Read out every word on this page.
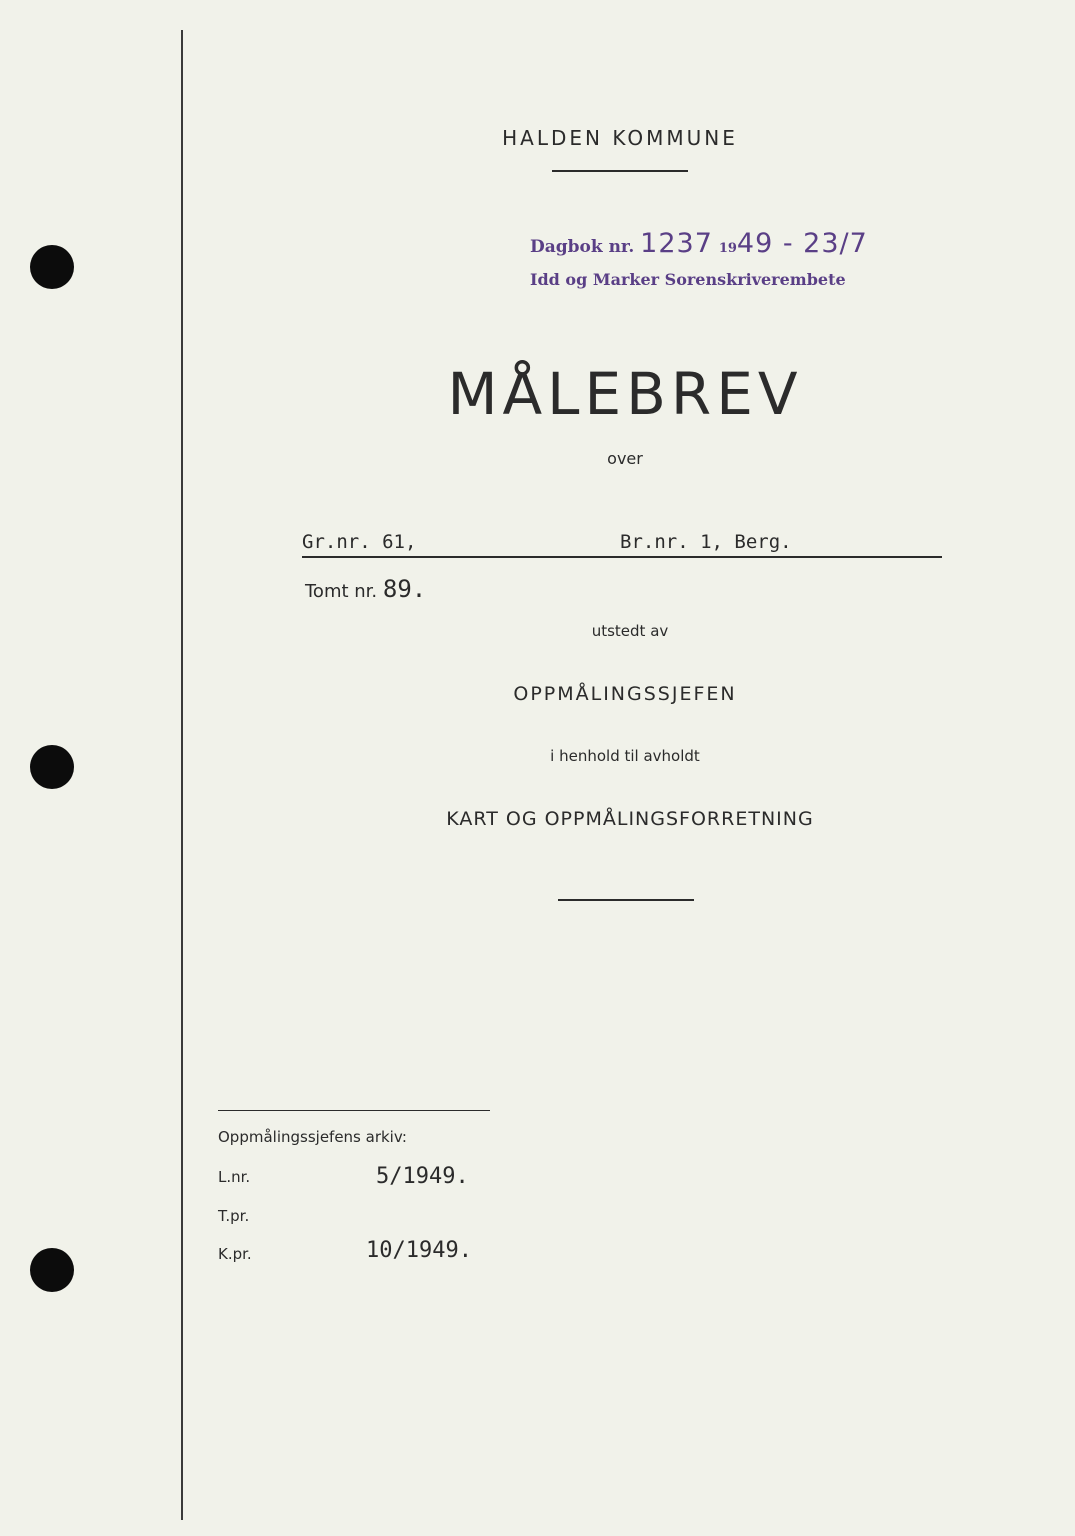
HALDEN KOMMUNE
Dagbok nr. 1237 1949 - 23/7
Idd og Marker Sorenskriverembete
MÅLEBREV
over
Gr.nr. 61,	Br.nr. 1, Berg.
Tomt nr. 89.
utstedt av
OPPMÅLINGSSJEFEN
i henhold til avholdt
KART OG OPPMÅLINGSFORRETNING
Oppmålingssjefens arkiv:
L.nr.	5/1949.
T.pr.
K.pr.	10/1949.
